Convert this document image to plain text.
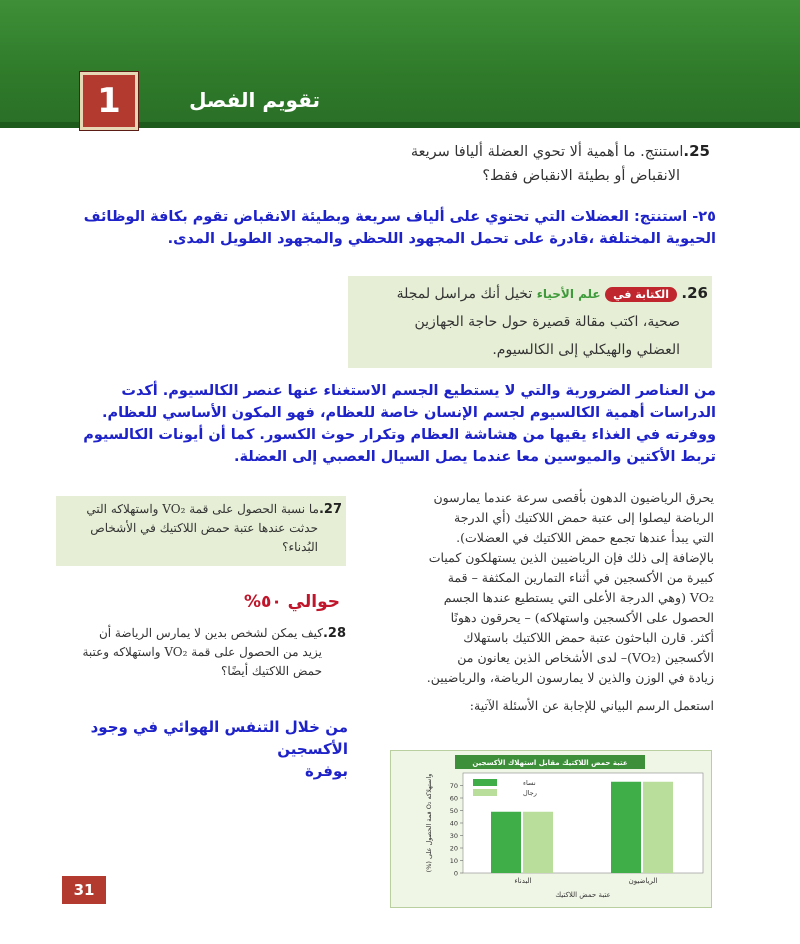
1	تقويم الفصل
25.استنتج. ما أهمية ألا تحوي العضلة أليافا سريعة
الانقباض أو بطيئة الانقباض فقط؟
٢٥- استنتج: العضلات التي تحتوي على ألياف سريعة وبطيئة الانقباض تقوم بكافة الوظائف
الحيوية المختلفة ،قادرة على تحمل المجهود اللحظي والمجهود الطويل المدى.
26. الكتابة في علم الأحياء تخيل أنك مراسل لمجلة
صحية، اكتب مقالة قصيرة حول حاجة الجهازين
العضلي والهيكلي إلى الكالسيوم.
من العناصر الضرورية والتي لا يستطيع الجسم الاستغناء عنها عنصر الكالسيوم. أكدت
الدراسات أهمية الكالسيوم لجسم الإنسان خاصة للعظام، فهو المكون الأساسي للعظام.
ووفرته في الغذاء يقيها من هشاشة العظام وتكرار حوث الكسور. كما أن أيونات الكالسيوم
تربط الأكتين والميوسين معا عندما يصل السيال العصبي إلى العضلة.
يحرق الرياضيون الدهون بأقصى سرعة عندما يمارسون
الرياضة ليصلوا إلى عتبة حمض اللاكتيك (أي الدرجة
التي يبدأ عندها تجمع حمض اللاكتيك في العضلات).
بالإضافة إلى ذلك فإن الرياضيين الذين يستهلكون كميات
كبيرة من الأكسجين في أثناء التمارين المكثفة – قمة
VO₂ (وهي الدرجة الأعلى التي يستطيع عندها الجسم
الحصول على الأكسجين واستهلاكه) – يحرقون دهونًا
أكثر. قارن الباحثون عتبة حمض اللاكتيك باستهلاك
الأكسجين (VO₂)– لدى الأشخاص الذين يعانون من
زيادة في الوزن والذين لا يمارسون الرياضة، والرياضيين.
استعمل الرسم البياني للإجابة عن الأسئلة الآتية:
27.ما نسبة الحصول على قمة VO₂ واستهلاكه التي
حدثت عندها عتبة حمض اللاكتيك في الأشخاص
البُدناء؟
حوالي ٥٠%
28.كيف يمكن لشخص بدين لا يمارس الرياضة أن
يزيد من الحصول على قمة VO₂ واستهلاكه وعتبة
حمض اللاكتيك أيضًا؟
من خلال التنفس الهوائي في وجود الأكسجين
بوفرة	عتبة حمض اللاكتيك مقابل استهلاك الأكسجين
0
10
20
30
40
50
60
70
(%) قمة الحصول على O₂ واستهلاكه
البدناء	الرياضيون
عتبة حمض اللاكتيك
نساء
رجال
31
